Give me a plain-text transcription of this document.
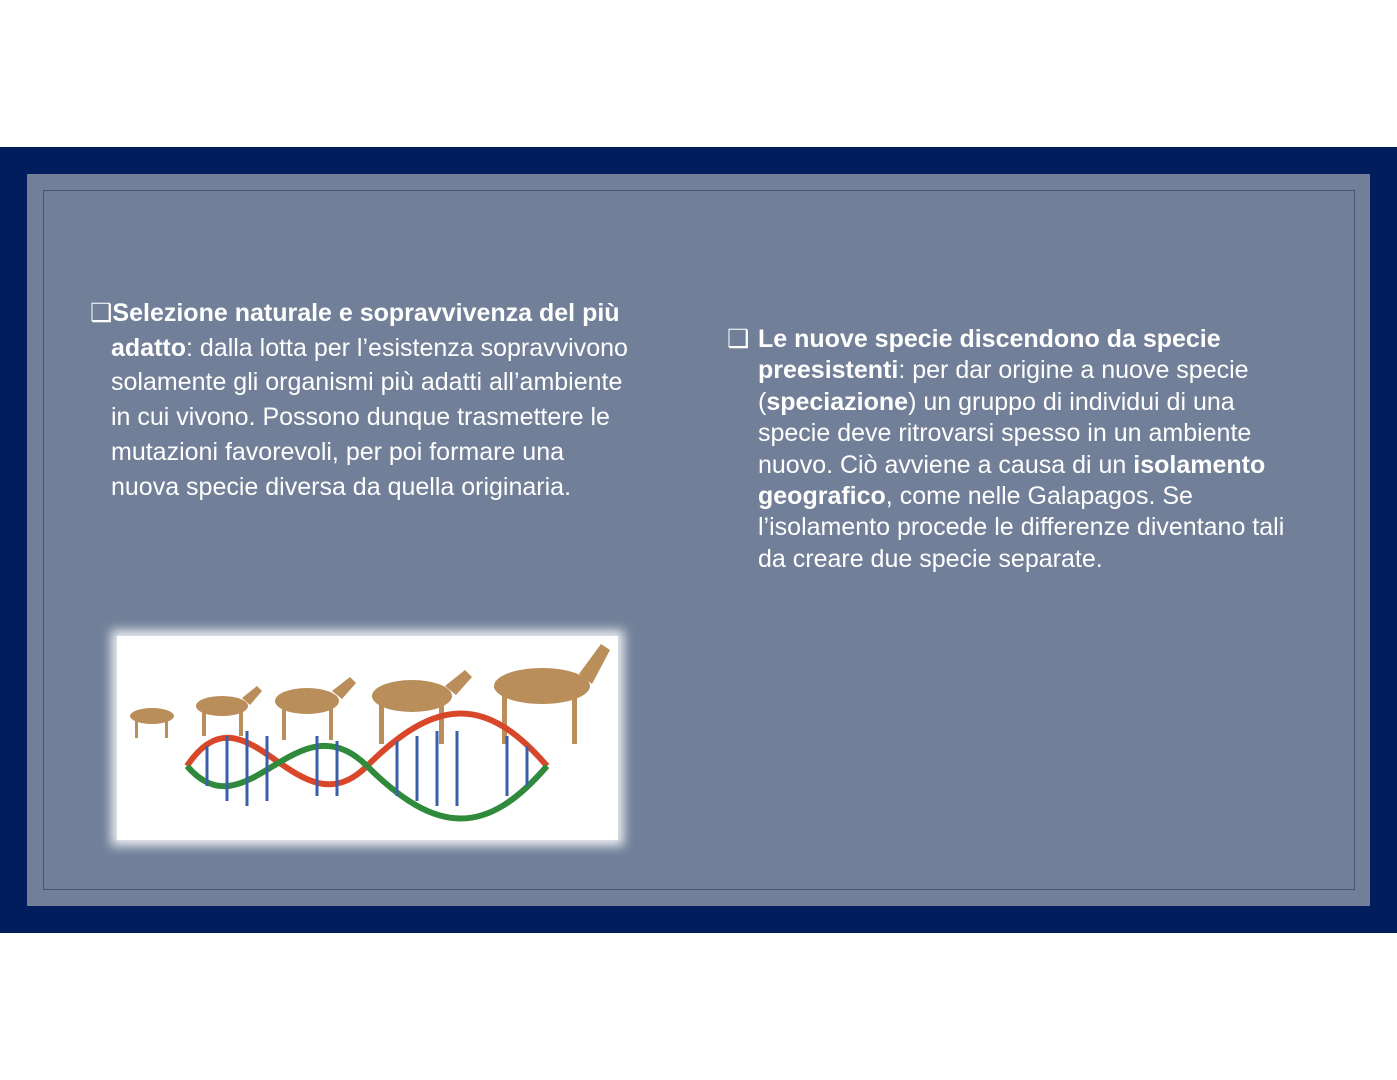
❑Selezione naturale e sopravvivenza del più adatto: dalla lotta per l’esistenza sopravvivono solamente gli organismi più adatti all’ambiente in cui vivono. Possono dunque trasmettere le mutazioni favorevoli, per poi formare una nuova specie diversa da quella originaria.
❑ Le nuove specie discendono da specie preesistenti: per dar origine a nuove specie (speciazione) un gruppo di individui di una specie deve ritrovarsi spesso in un ambiente nuovo. Ciò avviene a causa di un isolamento geografico, come nelle Galapagos. Se l’isolamento procede le differenze diventano tali da creare due specie separate.
